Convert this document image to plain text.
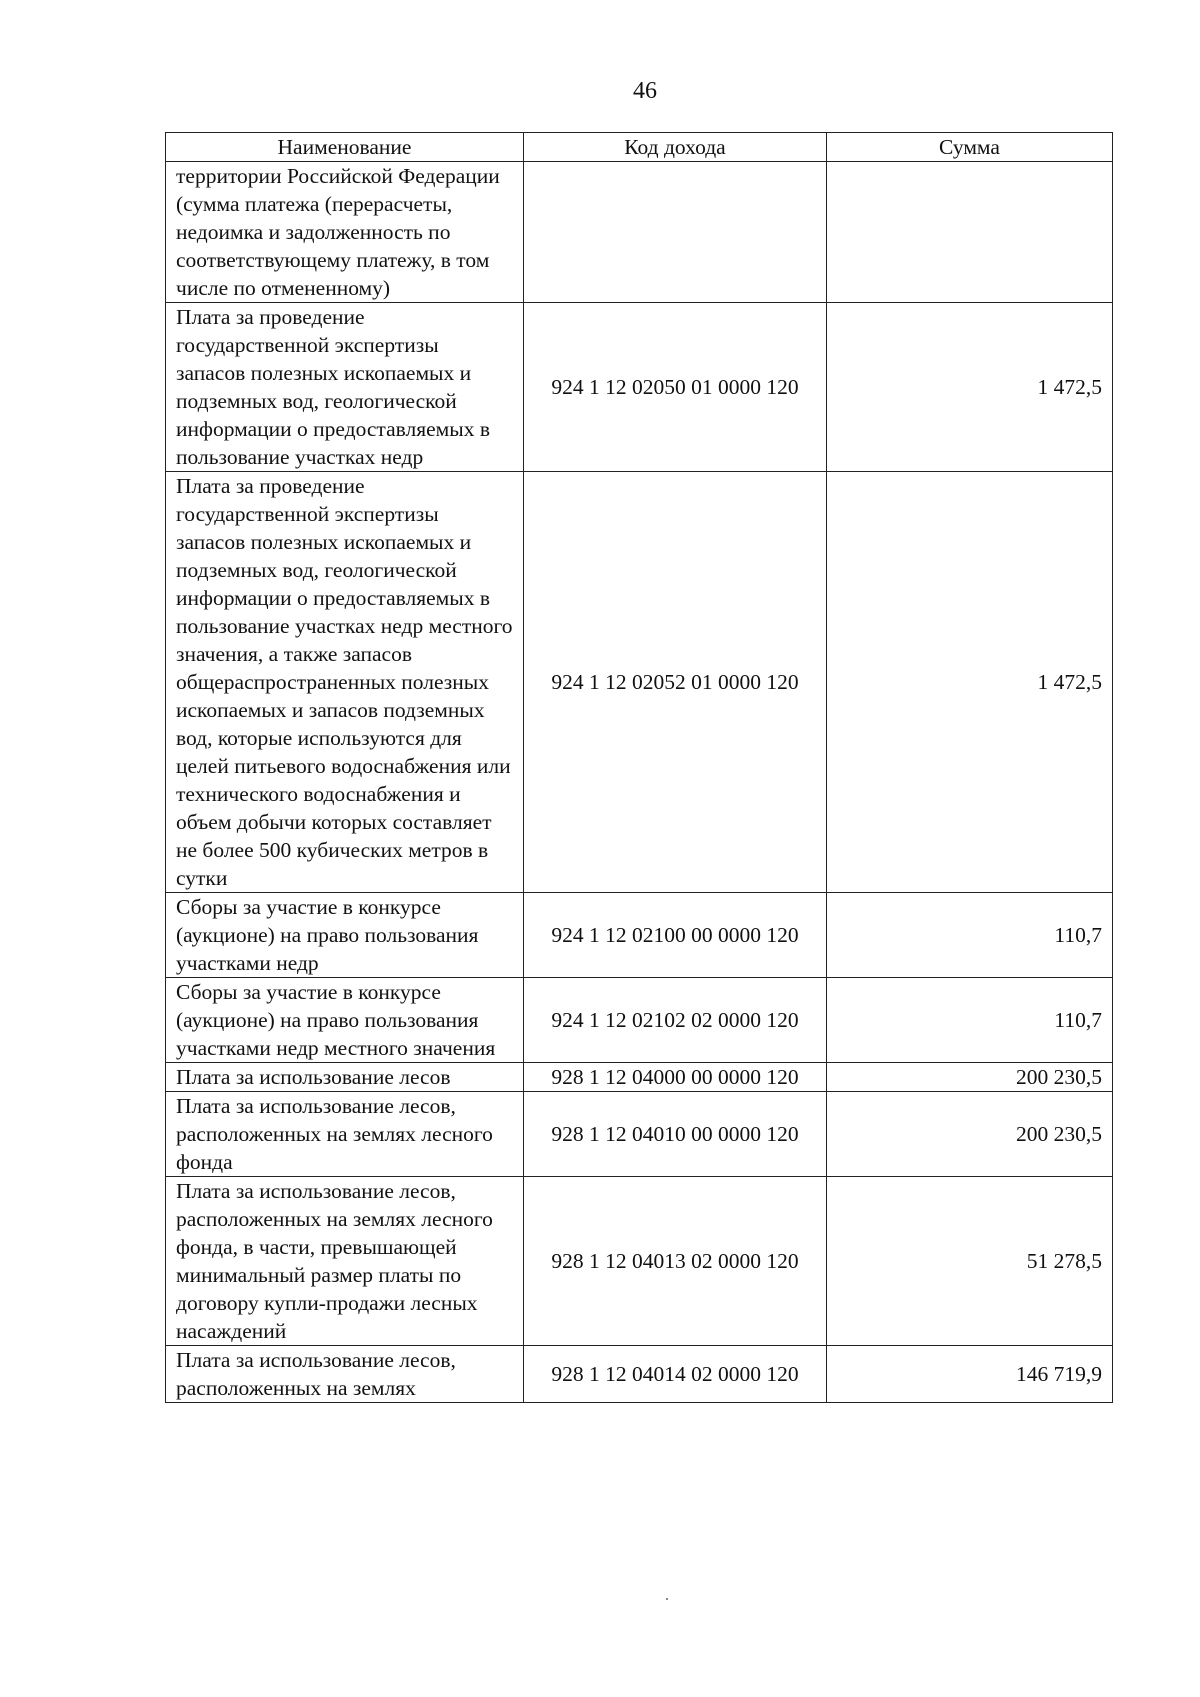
46
Наименование	Код дохода	Сумма
территории Российской Федерации (сумма платежа (перерасчеты, недоимка и задолженность по соответствующему платежу, в том числе по отмененному)		
Плата за проведение государственной экспертизы запасов полезных ископаемых и подземных вод, геологической информации о предоставляемых в пользование участках недр	924 1 12 02050 01 0000 120	1 472,5
Плата за проведение государственной экспертизы запасов полезных ископаемых и подземных вод, геологической информации о предоставляемых в пользование участках недр местного значения, а также запасов общераспространенных полезных ископаемых и запасов подземных вод, которые используются для целей питьевого водоснабжения или технического водоснабжения и объем добычи которых составляет не более 500 кубических метров в сутки	924 1 12 02052 01 0000 120	1 472,5
Сборы за участие в конкурсе (аукционе) на право пользования участками недр	924 1 12 02100 00 0000 120	110,7
Сборы за участие в конкурсе (аукционе) на право пользования участками недр местного значения	924 1 12 02102 02 0000 120	110,7
Плата за использование лесов	928 1 12 04000 00 0000 120	200 230,5
Плата за использование лесов, расположенных на землях лесного фонда	928 1 12 04010 00 0000 120	200 230,5
Плата за использование лесов, расположенных на землях лесного фонда, в части, превышающей минимальный размер платы по договору купли-продажи лесных насаждений	928 1 12 04013 02 0000 120	51 278,5
Плата за использование лесов, расположенных на землях	928 1 12 04014 02 0000 120	146 719,9
